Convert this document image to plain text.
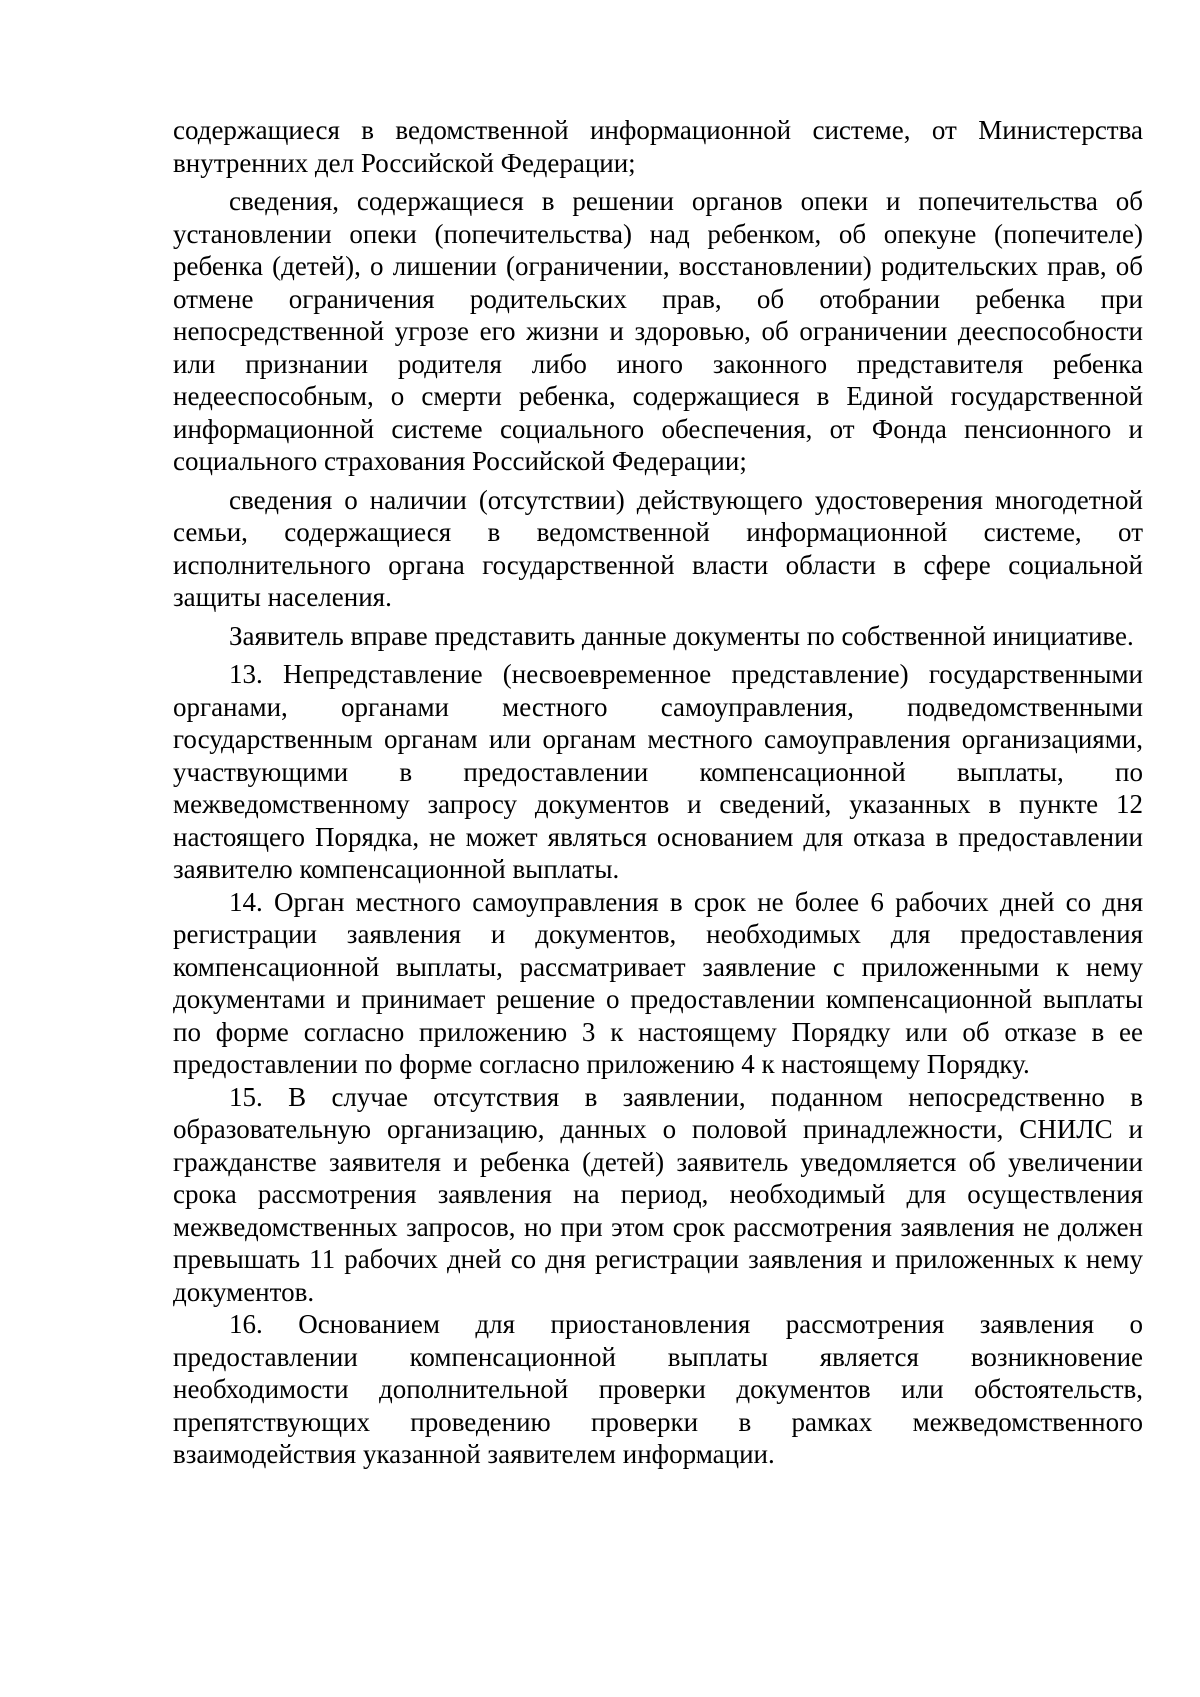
содержащиеся в ведомственной информационной системе, от Министерства внутренних дел Российской Федерации;

сведения, содержащиеся в решении органов опеки и попечительства об установлении опеки (попечительства) над ребенком, об опекуне (попечителе) ребенка (детей), о лишении (ограничении, восстановлении) родительских прав, об отмене ограничения родительских прав, об отобрании ребенка при непосредственной угрозе его жизни и здоровью, об ограничении дееспособности или признании родителя либо иного законного представителя ребенка недееспособным, о смерти ребенка, содержащиеся в Единой государственной информационной системе социального обеспечения, от Фонда пенсионного и социального страхования Российской Федерации;

сведения о наличии (отсутствии) действующего удостоверения многодетной семьи, содержащиеся в ведомственной информационной системе, от исполнительного органа государственной власти области в сфере социальной защиты населения.

Заявитель вправе представить данные документы по собственной инициативе.

13. Непредставление (несвоевременное представление) государственными органами, органами местного самоуправления, подведомственными государственным органам или органам местного самоуправления организациями, участвующими в предоставлении компенсационной выплаты, по межведомственному запросу документов и сведений, указанных в пункте 12 настоящего Порядка, не может являться основанием для отказа в предоставлении заявителю компенсационной выплаты.

14. Орган местного самоуправления в срок не более 6 рабочих дней со дня регистрации заявления и документов, необходимых для предоставления компенсационной выплаты, рассматривает заявление с приложенными к нему документами и принимает решение о предоставлении компенсационной выплаты по форме согласно приложению 3 к настоящему Порядку или об отказе в ее предоставлении по форме согласно приложению 4 к настоящему Порядку.

15. В случае отсутствия в заявлении, поданном непосредственно в образовательную организацию, данных о половой принадлежности, СНИЛС и гражданстве заявителя и ребенка (детей) заявитель уведомляется об увеличении срока рассмотрения заявления на период, необходимый для осуществления межведомственных запросов, но при этом срок рассмотрения заявления не должен превышать 11 рабочих дней со дня регистрации заявления и приложенных к нему документов.

16. Основанием для приостановления рассмотрения заявления о предоставлении компенсационной выплаты является возникновение необходимости дополнительной проверки документов или обстоятельств, препятствующих проведению проверки в рамках межведомственного взаимодействия указанной заявителем информации.
